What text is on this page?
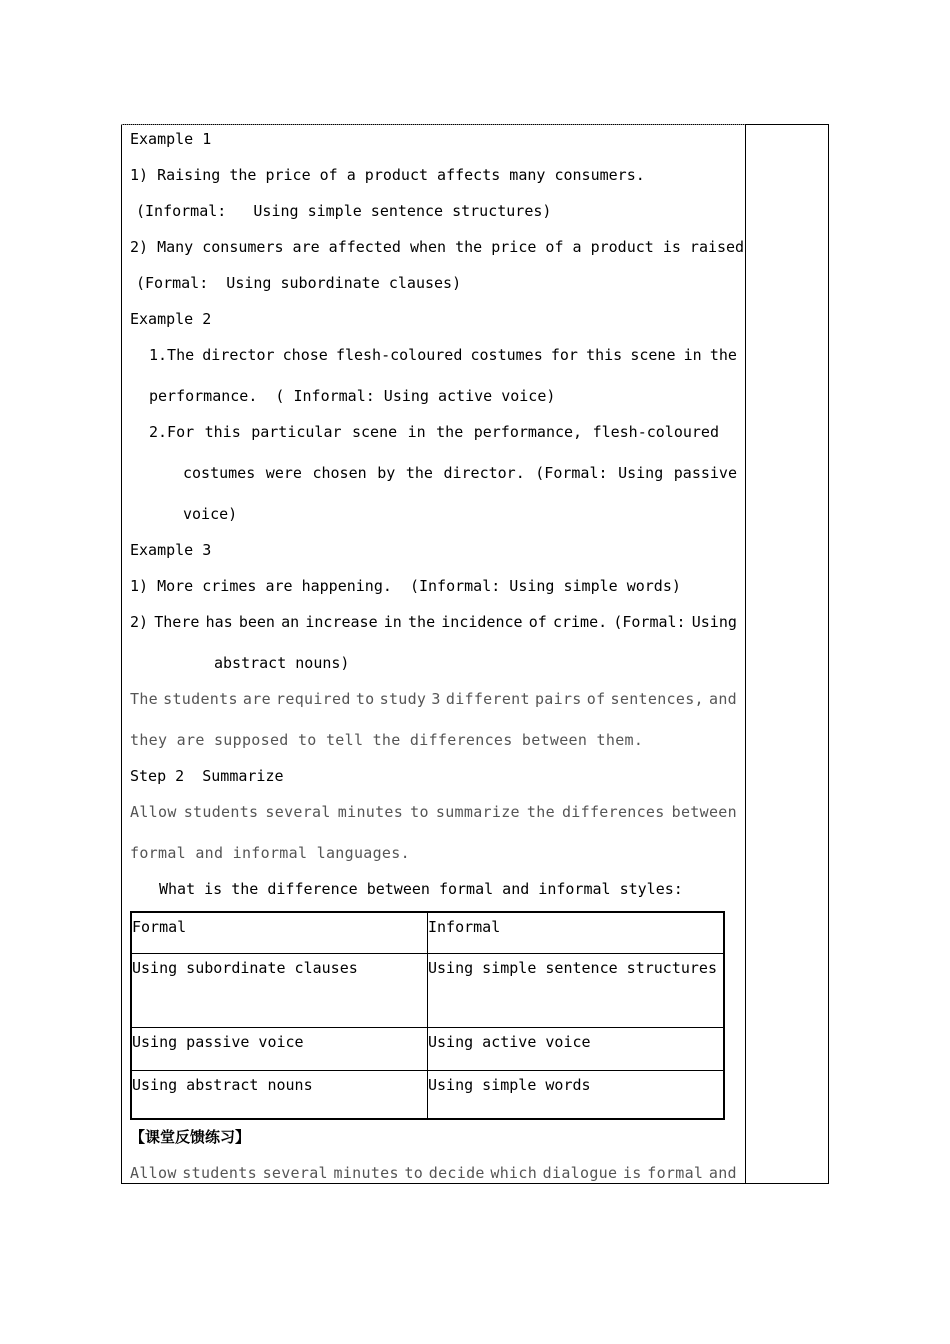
Example 1
1) Raising the price of a product affects many consumers.
(Informal:   Using simple sentence structures)
2) Many consumers are affected when the price of a product is raised
(Formal:  Using subordinate clauses)
Example 2
1.The director chose flesh-coloured costumes for this scene in the
performance.  ( Informal: Using active voice)
2.For this particular scene in the performance, flesh-coloured
costumes were chosen by the director. (Formal: Using passive
voice)
Example 3
1) More crimes are happening.  (Informal: Using simple words)
2) There has been an increase in the incidence of crime. (Formal: Using
abstract nouns)
The students are required to study 3 different pairs of sentences, and
they are supposed to tell the differences between them.
Step 2  Summarize
Allow students several minutes to summarize the differences between
formal and informal languages.
What is the difference between formal and informal styles:
【课堂反馈练习】
Allow students several minutes to decide which dialogue is formal and
Formal	Informal
Using subordinate clauses	Using simple sentence structures
Using passive voice	Using active voice
Using abstract nouns	Using simple words
